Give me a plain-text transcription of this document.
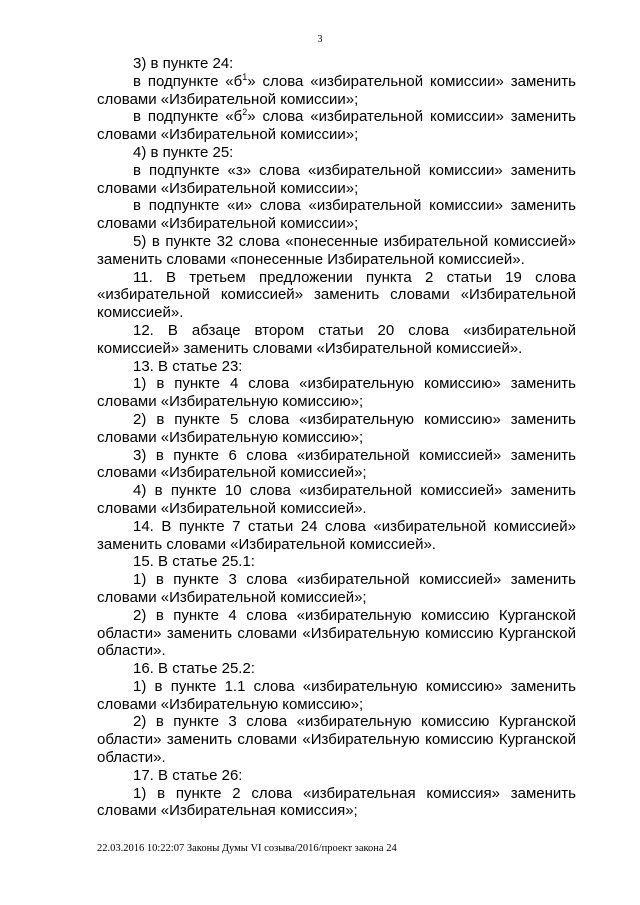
3

3) в пункте 24:

в подпункте «$б^1$» слова «избирательной комиссии» заменить словами «Избирательной комиссии»;

в подпункте «$б^2$» слова «избирательной комиссии» заменить словами «Избирательной комиссии»;

4) в пункте 25:

в подпункте «з» слова «избирательной комиссии» заменить словами «Избирательной комиссии»;

в подпункте «и» слова «избирательной комиссии» заменить словами «Избирательной комиссии»;

5) в пункте 32 слова «понесенные избирательной комиссией» заменить словами «понесенные Избирательной комиссией».

11. В третьем предложении пункта 2 статьи 19 слова «избирательной комиссией» заменить словами «Избирательной комиссией».

12. В абзаце втором статьи 20 слова «избирательной комиссией» заменить словами «Избирательной комиссией».

13. В статье 23:

1) в пункте 4 слова «избирательную комиссию» заменить словами «Избирательную комиссию»;

2) в пункте 5 слова «избирательную комиссию» заменить словами «Избирательную комиссию»;

3) в пункте 6 слова «избирательной комиссией» заменить словами «Избирательной комиссией»;

4) в пункте 10 слова «избирательной комиссией» заменить словами «Избирательной комиссией».

14. В пункте 7 статьи 24 слова «избирательной комиссией» заменить словами «Избирательной комиссией».

15. В статье 25.1:

1) в пункте 3 слова «избирательной комиссией» заменить словами «Избирательной комиссией»;

2) в пункте 4 слова «избирательную комиссию Курганской области» заменить словами «Избирательную комиссию Курганской области».

16. В статье 25.2:

1) в пункте 1.1 слова «избирательную комиссию» заменить словами «Избирательную комиссию»;

2) в пункте 3 слова «избирательную комиссию Курганской области» заменить словами «Избирательную комиссию Курганской области».

17. В статье 26:

1) в пункте 2 слова «избирательная комиссия» заменить словами «Избирательная комиссия»;

22.03.2016 10:22:07 Законы Думы VI созыва/2016/проект закона 24
